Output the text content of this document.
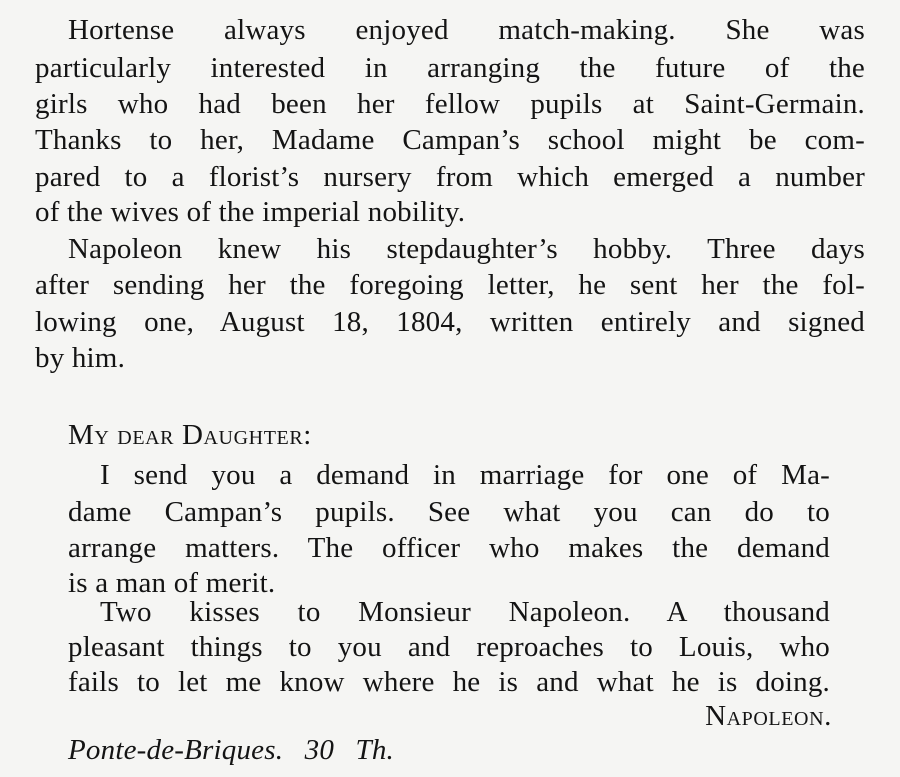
Hortense always enjoyed match-making. She was
particularly interested in arranging the future of the
girls who had been her fellow pupils at Saint-Germain.
Thanks to her, Madame Campan’s school might be com-
pared to a florist’s nursery from which emerged a number
of the wives of the imperial nobility.
Napoleon knew his stepdaughter’s hobby. Three days
after sending her the foregoing letter, he sent her the fol-
lowing one, August 18, 1804, written entirely and signed
by him.
My dear Daughter:
I send you a demand in marriage for one of Ma-
dame Campan’s pupils. See what you can do to
arrange matters. The officer who makes the demand
is a man of merit.
Two kisses to Monsieur Napoleon. A thousand
pleasant things to you and reproaches to Louis, who
fails to let me know where he is and what he is doing.
Napoleon.
Ponte-de-Briques. 30 Th.
